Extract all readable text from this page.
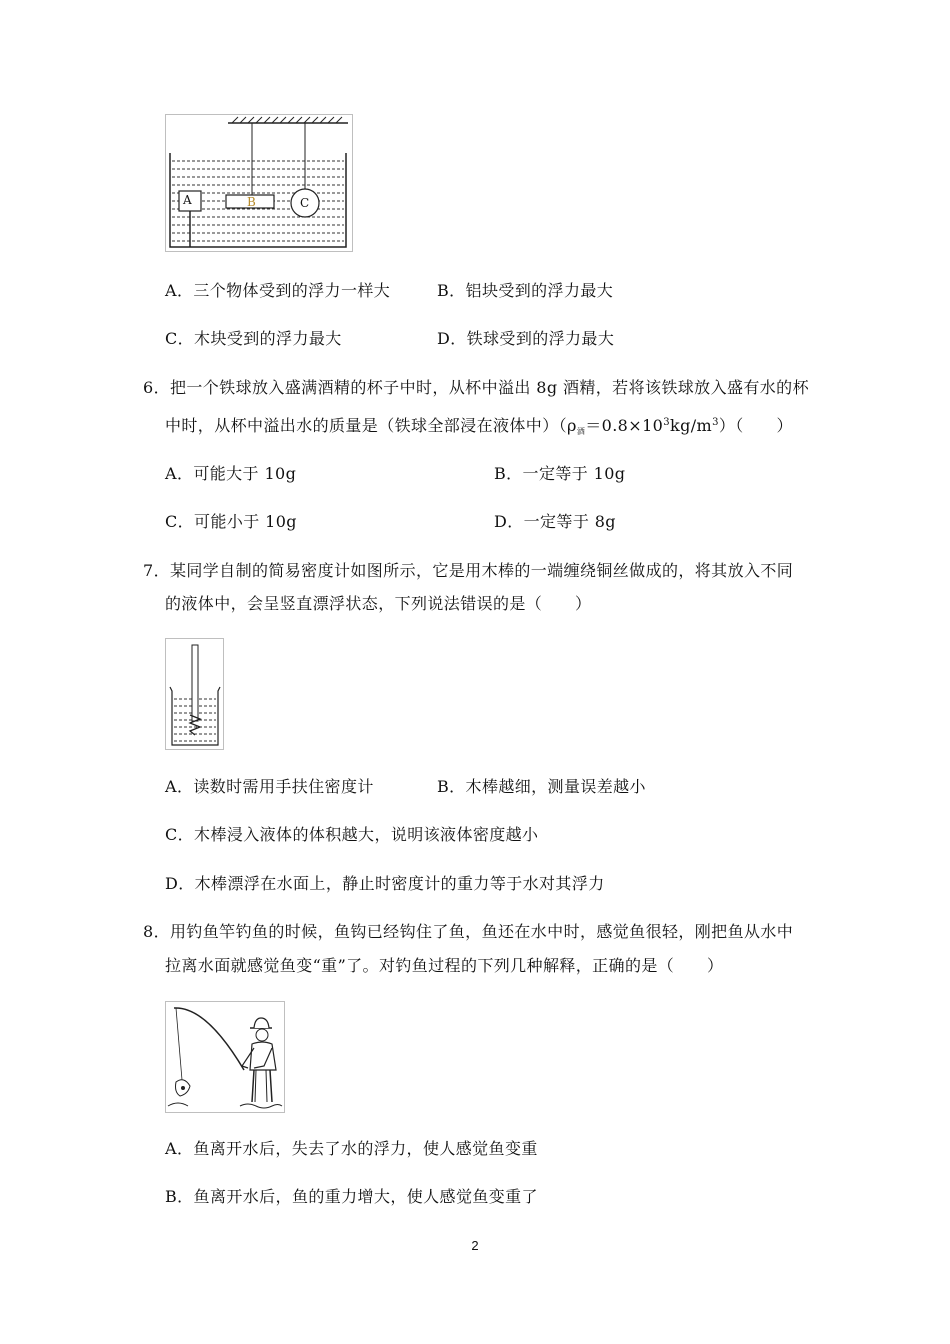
A	B	C
A．三个物体受到的浮力一样大	B．铝块受到的浮力最大
C．木块受到的浮力最大	D．铁球受到的浮力最大
6．把一个铁球放入盛满酒精的杯子中时，从杯中溢出 8g 酒精，若将该铁球放入盛有水的杯
中时，从杯中溢出水的质量是（铁球全部浸在液体中）$(\rho_酒=0.8\times 10^3kg/m^3)$（　　）
A．可能大于 10g	B．一定等于 10g
C．可能小于 10g	D．一定等于 8g
7．某同学自制的简易密度计如图所示，它是用木棒的一端缠绕铜丝做成的，将其放入不同
的液体中，会呈竖直漂浮状态，下列说法错误的是（　　）
A．读数时需用手扶住密度计	B．木棒越细，测量误差越小
C．木棒浸入液体的体积越大，说明该液体密度越小
D．木棒漂浮在水面上，静止时密度计的重力等于水对其浮力
8．用钓鱼竿钓鱼的时候，鱼钩已经钩住了鱼，鱼还在水中时，感觉鱼很轻，刚把鱼从水中
拉离水面就感觉鱼变“重”了。对钓鱼过程的下列几种解释，正确的是（　　）
A．鱼离开水后，失去了水的浮力，使人感觉鱼变重
B．鱼离开水后，鱼的重力增大，使人感觉鱼变重了
2
